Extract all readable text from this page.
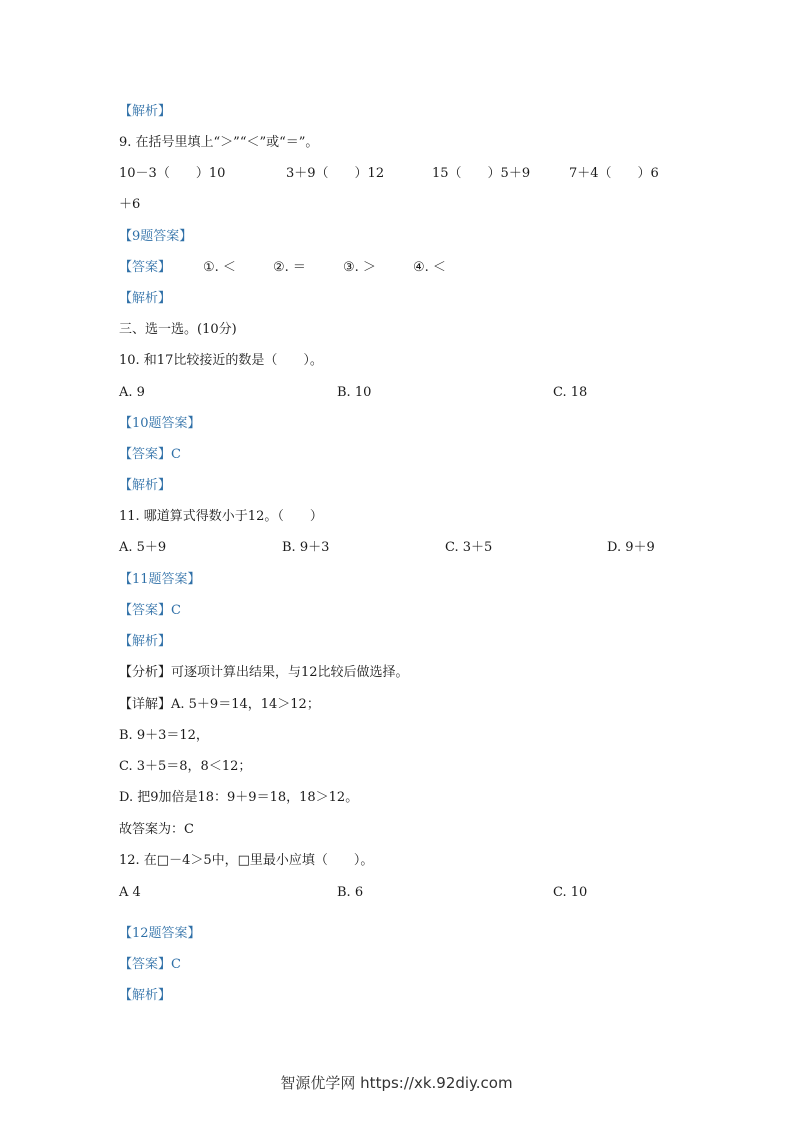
【解析】
9. 在括号里填上“＞”“＜”或“＝”。
10－3（　　）10	3＋9（　　）12	15（　　）5＋9	7＋4（　　）6
＋6
【9题答案】
【答案】 ①. ＜	②. ＝	③. ＞	④. ＜
【解析】
三、选一选。(10分)
10. 和17比较接近的数是（　　）。
A. 9	B. 10	C. 18
【10题答案】
【答案】C
【解析】
11. 哪道算式得数小于12。（　　）
A. 5＋9	B. 9＋3	C. 3＋5	D. 9＋9
【11题答案】
【答案】C
【解析】
【分析】可逐项计算出结果，与12比较后做选择。
【详解】A. 5＋9＝14，14＞12；
B. 9＋3＝12，
C. 3＋5＝8，8＜12；
D. 把9加倍是18：9＋9＝18，18＞12。
故答案为：C
12. 在□－4＞5中，□里最小应填（　　）。
A 4	B. 6	C. 10
【12题答案】
【答案】C
【解析】
智源优学网 https://xk.92diy.com
